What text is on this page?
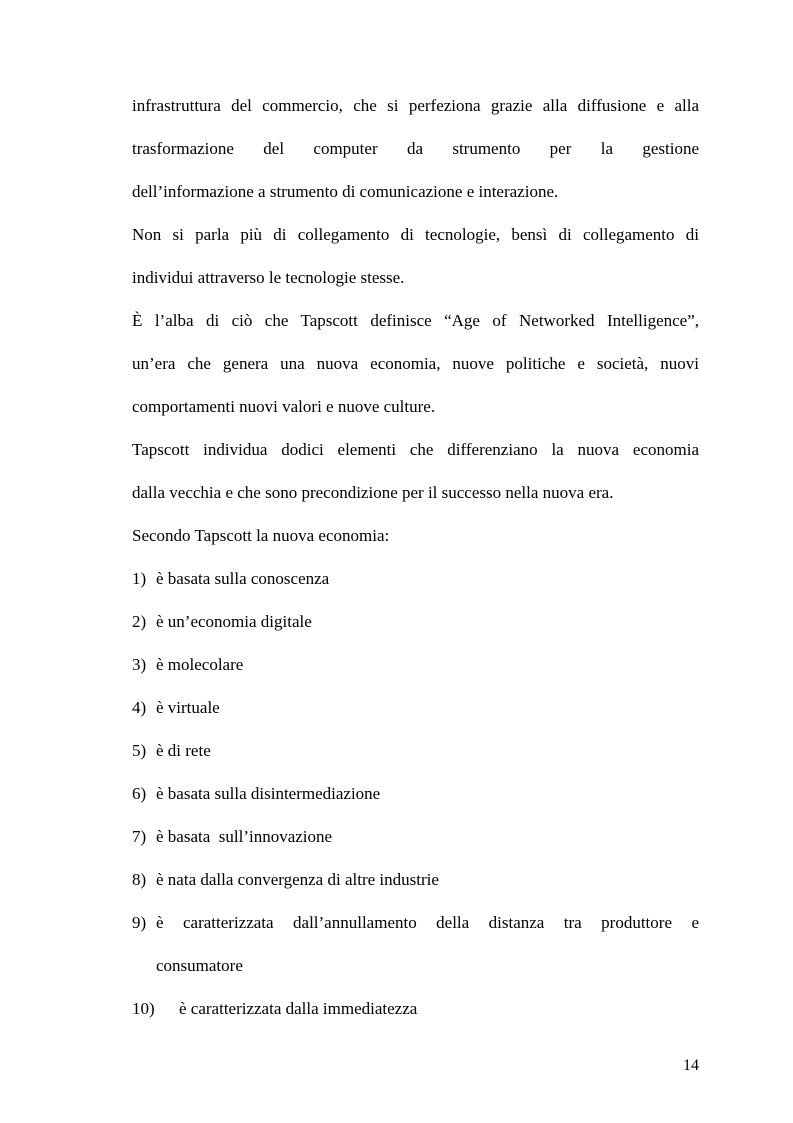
infrastruttura del commercio, che si perfeziona grazie alla diffusione e alla
trasformazione del computer da strumento per la gestione
dell’informazione a strumento di comunicazione e interazione.
Non si parla più di collegamento di tecnologie, bensì di collegamento di
individui attraverso le tecnologie stesse.
È l’alba di ciò che Tapscott definisce “Age of Networked Intelligence”,
un’era che genera una nuova economia, nuove politiche e società, nuovi
comportamenti nuovi valori e nuove culture.
Tapscott individua dodici elementi che differenziano la nuova economia
dalla vecchia e che sono precondizione per il successo nella nuova era.
Secondo Tapscott la nuova economia:
1) è basata sulla conoscenza
2) è un’economia digitale
3) è molecolare
4) è virtuale
5) è di rete
6) è basata sulla disintermediazione
7) è basata  sull’innovazione
8) è nata dalla convergenza di altre industrie
9) è caratterizzata dall’annullamento della distanza tra produttore e
consumatore
10) è caratterizzata dalla immediatezza
14
